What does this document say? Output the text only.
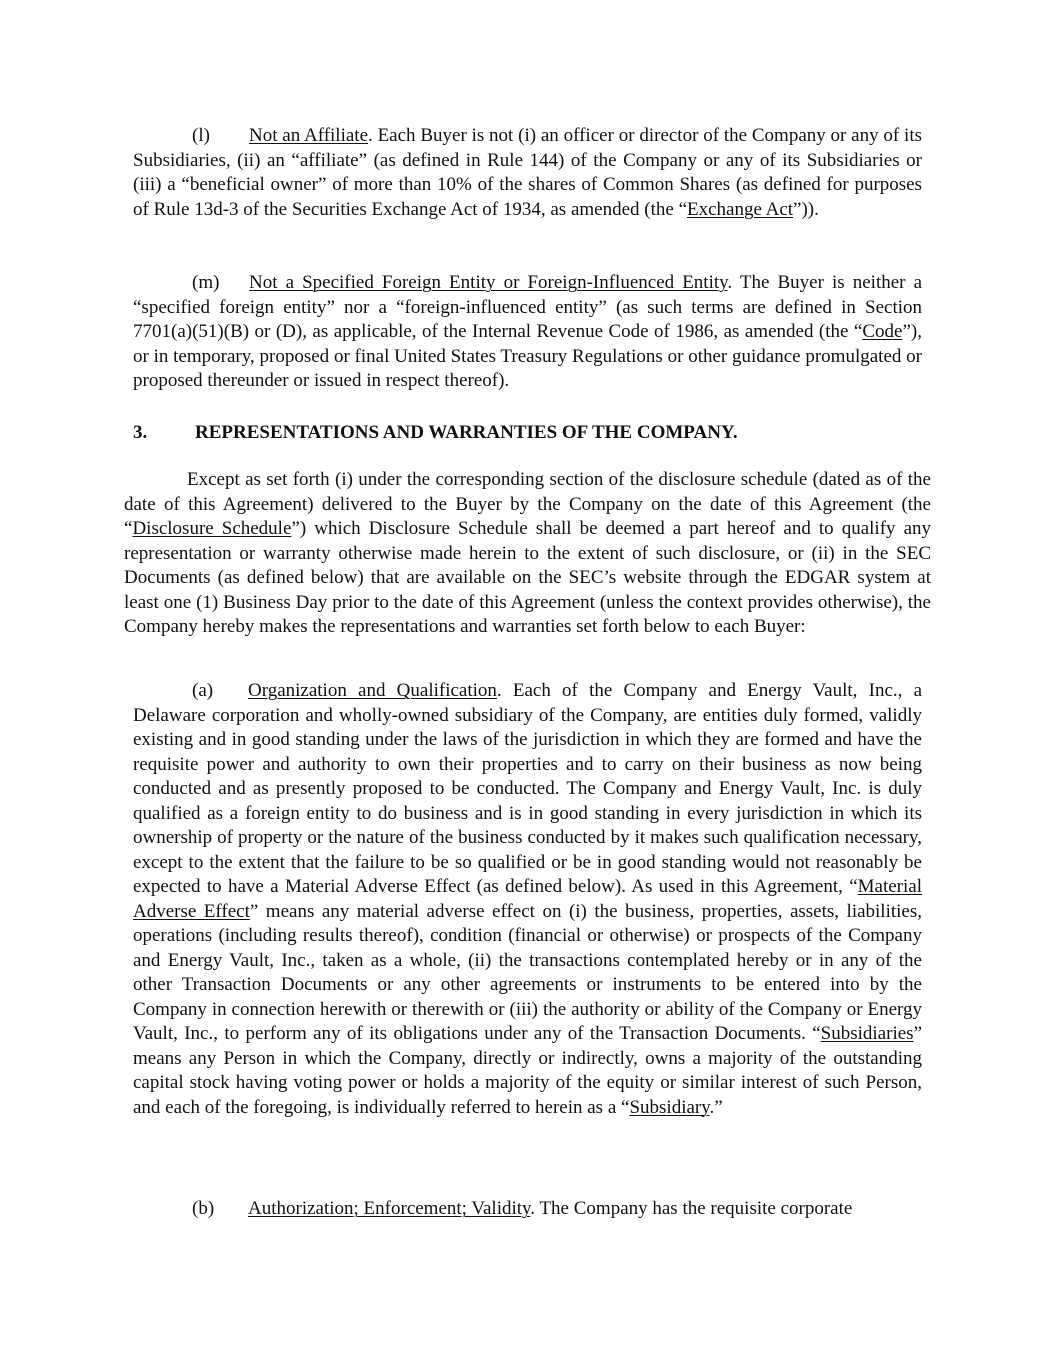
(l) Not an Affiliate. Each Buyer is not (i) an officer or director of the Company or any of its Subsidiaries, (ii) an “affiliate” (as defined in Rule 144) of the Company or any of its Subsidiaries or (iii) a “beneficial owner” of more than 10% of the shares of Common Shares (as defined for purposes of Rule 13d-3 of the Securities Exchange Act of 1934, as amended (the “Exchange Act”)).

(m) Not a Specified Foreign Entity or Foreign-Influenced Entity. The Buyer is neither a “specified foreign entity” nor a “foreign-influenced entity” (as such terms are defined in Section 7701(a)(51)(B) or (D), as applicable, of the Internal Revenue Code of 1986, as amended (the “Code”), or in temporary, proposed or final United States Treasury Regulations or other guidance promulgated or proposed thereunder or issued in respect thereof).

3.	REPRESENTATIONS AND WARRANTIES OF THE COMPANY.

Except as set forth (i) under the corresponding section of the disclosure schedule (dated as of the date of this Agreement) delivered to the Buyer by the Company on the date of this Agreement (the “Disclosure Schedule”) which Disclosure Schedule shall be deemed a part hereof and to qualify any representation or warranty otherwise made herein to the extent of such disclosure, or (ii) in the SEC Documents (as defined below) that are available on the SEC’s website through the EDGAR system at least one (1) Business Day prior to the date of this Agreement (unless the context provides otherwise), the Company hereby makes the representations and warranties set forth below to each Buyer:

(a) Organization and Qualification. Each of the Company and Energy Vault, Inc., a Delaware corporation and wholly-owned subsidiary of the Company, are entities duly formed, validly existing and in good standing under the laws of the jurisdiction in which they are formed and have the requisite power and authority to own their properties and to carry on their business as now being conducted and as presently proposed to be conducted. The Company and Energy Vault, Inc. is duly qualified as a foreign entity to do business and is in good standing in every jurisdiction in which its ownership of property or the nature of the business conducted by it makes such qualification necessary, except to the extent that the failure to be so qualified or be in good standing would not reasonably be expected to have a Material Adverse Effect (as defined below). As used in this Agreement, “Material Adverse Effect” means any material adverse effect on (i) the business, properties, assets, liabilities, operations (including results thereof), condition (financial or otherwise) or prospects of the Company and Energy Vault, Inc., taken as a whole, (ii) the transactions contemplated hereby or in any of the other Transaction Documents or any other agreements or instruments to be entered into by the Company in connection herewith or therewith or (iii) the authority or ability of the Company or Energy Vault, Inc., to perform any of its obligations under any of the Transaction Documents. “Subsidiaries” means any Person in which the Company, directly or indirectly, owns a majority of the outstanding capital stock having voting power or holds a majority of the equity or similar interest of such Person, and each of the foregoing, is individually referred to herein as a “Subsidiary.”

(b) Authorization; Enforcement; Validity. The Company has the requisite corporate
